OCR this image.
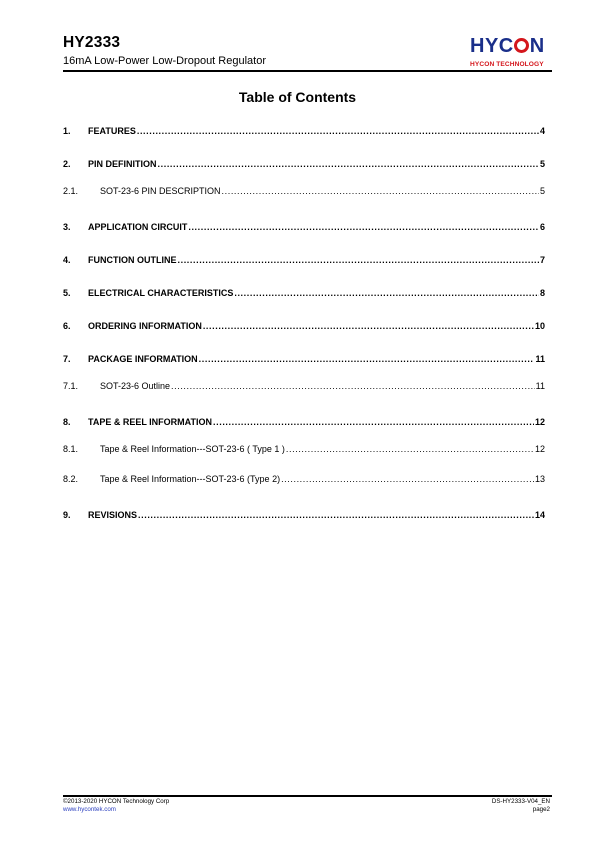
HY2333
16mA Low-Power Low-Dropout Regulator
HYC N
HYCON TECHNOLOGY
Table of Contents
1.	FEATURES .....	4
2.	PIN DEFINITION .....	5
2.1.	SOT-23-6 PIN DESCRIPTION .....	5
3.	APPLICATION CIRCUIT .....	6
4.	FUNCTION OUTLINE .....	7
5.	ELECTRICAL CHARACTERISTICS .....	8
6.	ORDERING INFORMATION .....	10
7.	PACKAGE INFORMATION .....	11
7.1.	SOT-23-6 Outline .....	11
8.	TAPE & REEL INFORMATION .....	12
8.1.	Tape & Reel Information---SOT-23-6 ( Type 1 ) .....	12
8.2.	Tape & Reel Information---SOT-23-6 (Type 2) .....	13
9.	REVISIONS .....	14
©2013-2020 HYCON Technology Corp
www.hycontek.com
DS-HY2333-V04_EN
page2
